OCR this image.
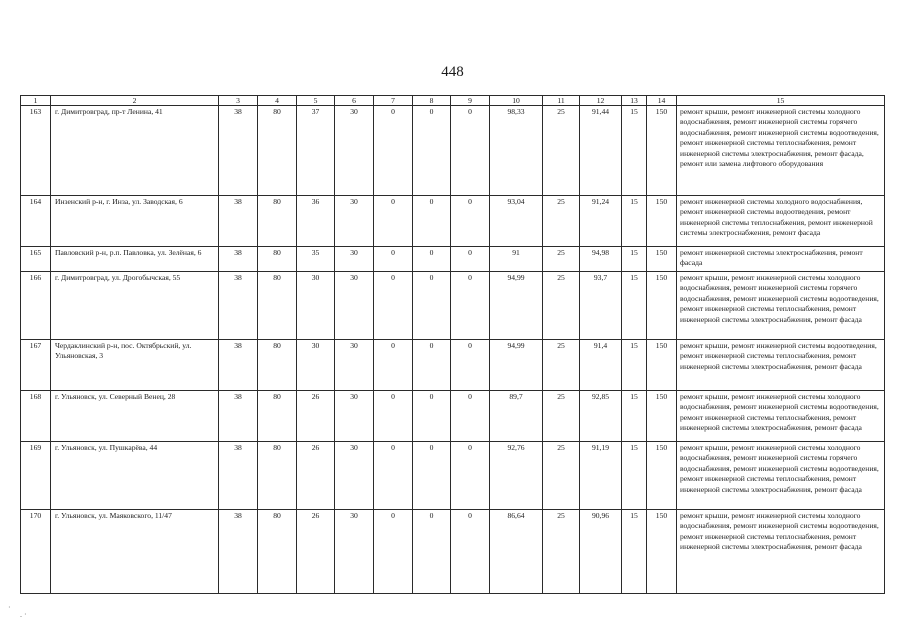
448
1	2	3	4	5	6	7	8	9	10	11	12	13	14	15
163	г. Димитровград, пр-т Ленина, 41	38	80	37	30	0	0	0	98,33	25	91,44	15	150	ремонт крыши, ремонт инженерной системы холодного водоснабжения, ремонт инженерной системы горячего водоснабжения, ремонт инженерной системы водоотведения, ремонт инженерной системы теплоснабжения, ремонт инженерной системы электроснабжения, ремонт фасада, ремонт или замена лифтового оборудования
164	Инзенский р-н, г. Инза, ул. Заводская, 6	38	80	36	30	0	0	0	93,04	25	91,24	15	150	ремонт инженерной системы холодного водоснабжения, ремонт инженерной системы водоотведения, ремонт инженерной системы теплоснабжения, ремонт инженерной системы электроснабжения, ремонт фасада
165	Павловский р-н, р.п. Павловка, ул. Зелёная, 6	38	80	35	30	0	0	0	91	25	94,98	15	150	ремонт инженерной системы электроснабжения, ремонт фасада
166	г. Димитровград, ул. Дрогобычская, 55	38	80	30	30	0	0	0	94,99	25	93,7	15	150	ремонт крыши, ремонт инженерной системы холодного водоснабжения, ремонт инженерной системы горячего водоснабжения, ремонт инженерной системы водоотведения, ремонт инженерной системы теплоснабжения, ремонт инженерной системы электроснабжения, ремонт фасада
167	Чердаклинский р-н, пос. Октябрьский, ул. Ульяновская, 3	38	80	30	30	0	0	0	94,99	25	91,4	15	150	ремонт крыши, ремонт инженерной системы водоотведения, ремонт инженерной системы теплоснабжения, ремонт инженерной системы электроснабжения, ремонт фасада
168	г. Ульяновск, ул. Северный Венец, 28	38	80	26	30	0	0	0	89,7	25	92,85	15	150	ремонт крыши, ремонт инженерной системы холодного водоснабжения, ремонт инженерной системы водоотведения, ремонт инженерной системы теплоснабжения, ремонт инженерной системы электроснабжения, ремонт фасада
169	г. Ульяновск, ул. Пушкарёва, 44	38	80	26	30	0	0	0	92,76	25	91,19	15	150	ремонт крыши, ремонт инженерной системы холодного водоснабжения, ремонт инженерной системы горячего водоснабжения, ремонт инженерной системы водоотведения, ремонт инженерной системы теплоснабжения, ремонт инженерной системы электроснабжения, ремонт фасада
170	г. Ульяновск, ул. Маяковского, 11/47	38	80	26	30	0	0	0	86,64	25	90,96	15	150	ремонт крыши, ремонт инженерной системы холодного водоснабжения, ремонт инженерной системы водоотведения, ремонт инженерной системы теплоснабжения, ремонт инженерной системы электроснабжения, ремонт фасада
·
. ·
